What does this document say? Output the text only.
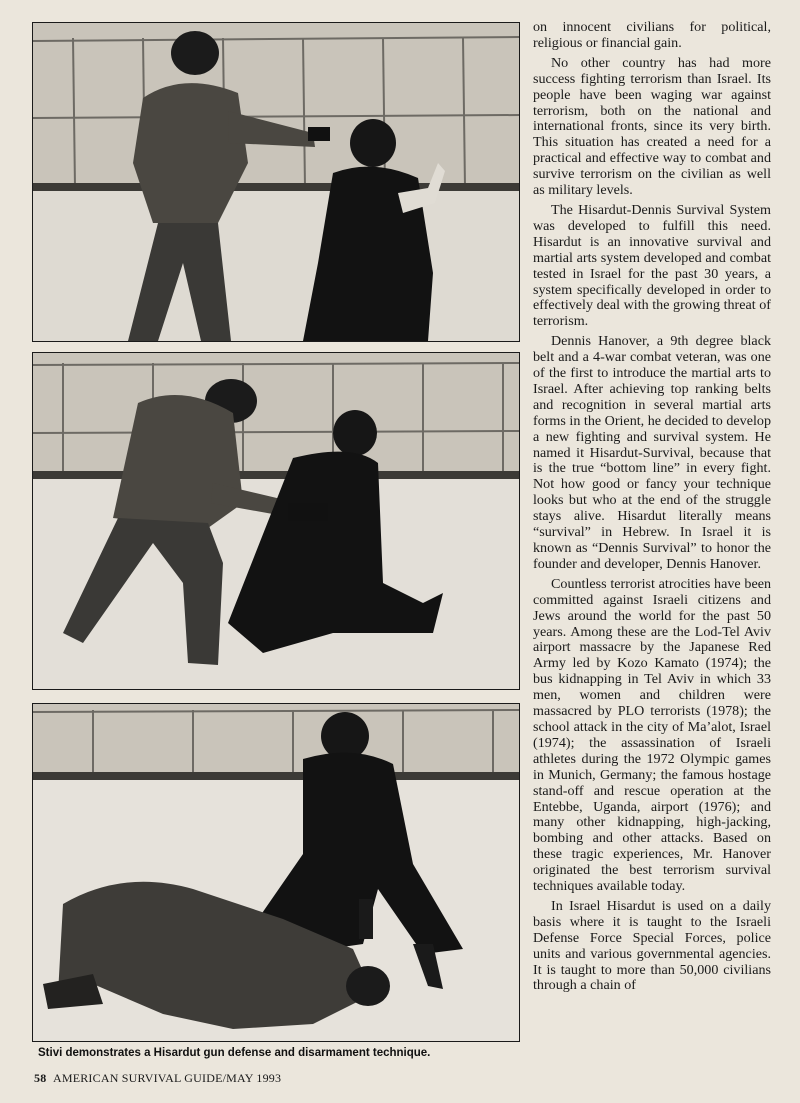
Stivi demonstrates a Hisardut gun defense and disarmament technique.
58 AMERICAN SURVIVAL GUIDE/MAY 1993

on innocent civilians for political, religious or financial gain.

No other country has had more success fighting terrorism than Israel. Its people have been waging war against terrorism, both on the national and international fronts, since its very birth. This situation has created a need for a practical and effective way to combat and survive terrorism on the civilian as well as military levels.

The Hisardut-Dennis Survival System was developed to fulfill this need. Hisardut is an innovative survival and martial arts system developed and combat tested in Israel for the past 30 years, a system specifically developed in order to effectively deal with the growing threat of terrorism.

Dennis Hanover, a 9th degree black belt and a 4-war combat veteran, was one of the first to introduce the martial arts to Israel. After achieving top ranking belts and recognition in several martial arts forms in the Orient, he decided to develop a new fighting and survival system. He named it Hisardut-Survival, because that is the true “bottom line” in every fight. Not how good or fancy your technique looks but who at the end of the struggle stays alive. Hisardut literally means “survival” in Hebrew. In Israel it is known as “Dennis Survival” to honor the founder and developer, Dennis Hanover.

Countless terrorist atrocities have been committed against Israeli citizens and Jews around the world for the past 50 years. Among these are the Lod-Tel Aviv airport massacre by the Japanese Red Army led by Kozo Kamato (1974); the bus kidnapping in Tel Aviv in which 33 men, women and children were massacred by PLO terrorists (1978); the school attack in the city of Ma’alot, Israel (1974); the assassination of Israeli athletes during the 1972 Olympic games in Munich, Germany; the famous hostage stand-off and rescue operation at the Entebbe, Uganda, airport (1976); and many other kidnapping, high-jacking, bombing and other attacks. Based on these tragic experiences, Mr. Hanover originated the best terrorism survival techniques available today.

In Israel Hisardut is used on a daily basis where it is taught to the Israeli Defense Force Special Forces, police units and various governmental agencies. It is taught to more than 50,000 civilians through a chain of
